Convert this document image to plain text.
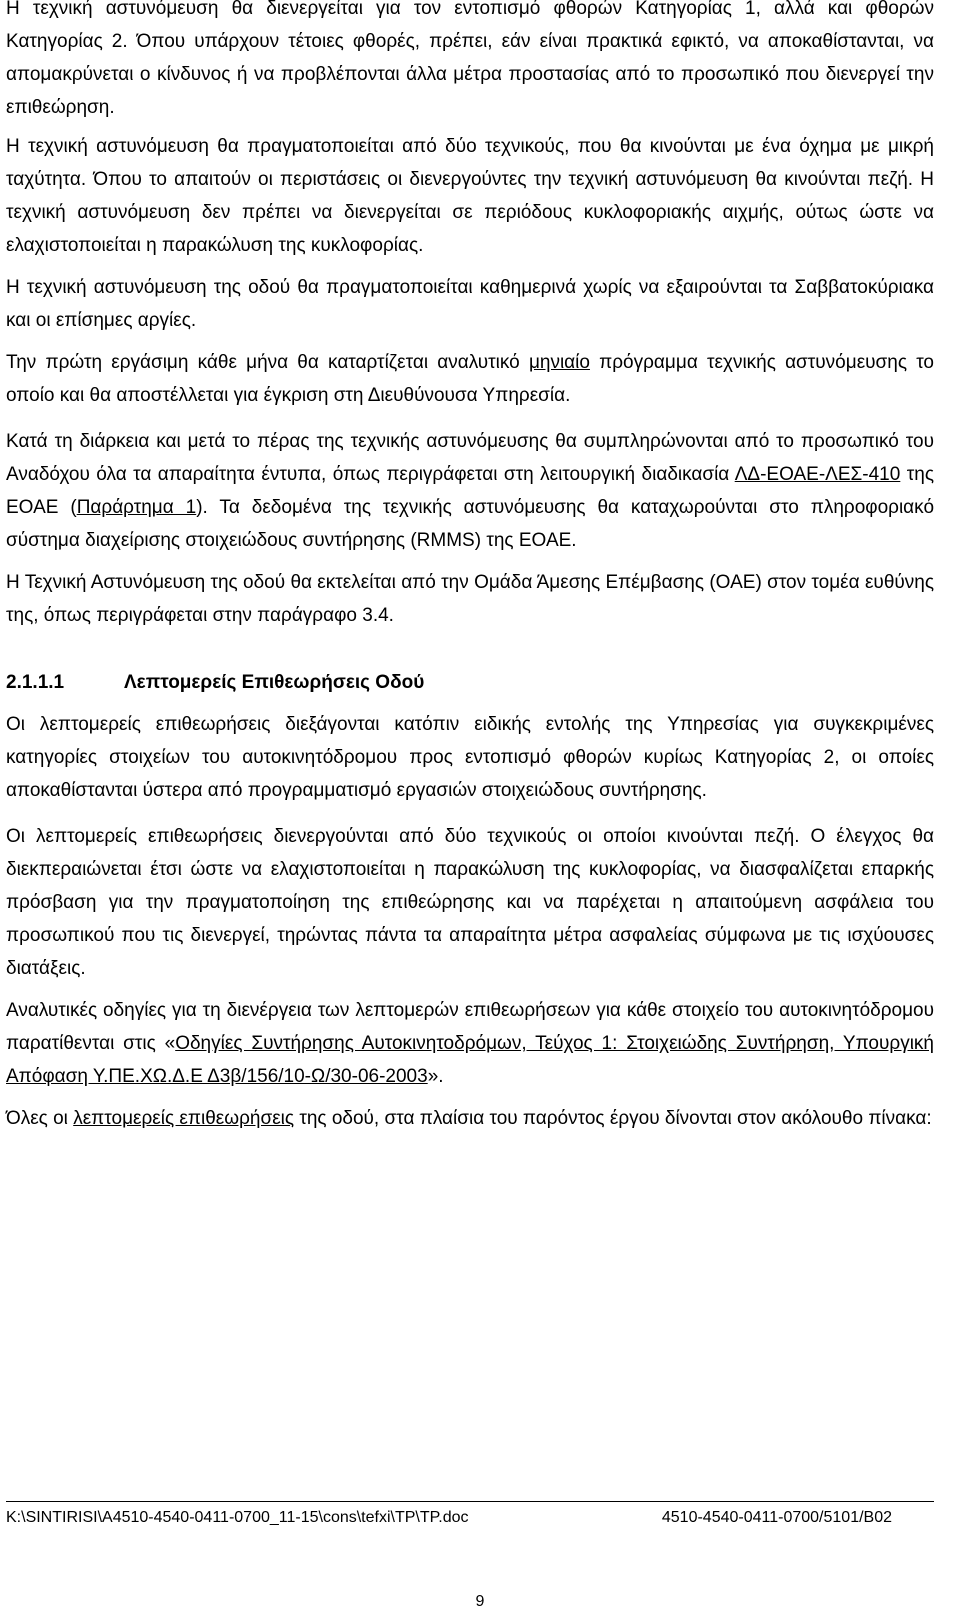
Η τεχνική αστυνόμευση θα διενεργείται για τον εντοπισμό φθορών Κατηγορίας 1, αλλά και φθορών Κατηγορίας 2. Όπου υπάρχουν τέτοιες φθορές, πρέπει, εάν είναι πρακτικά εφικτό, να αποκαθίστανται, να απομακρύνεται ο κίνδυνος ή να προβλέπονται άλλα μέτρα προστασίας από το προσωπικό που διενεργεί την επιθεώρηση.

Η τεχνική αστυνόμευση θα πραγματοποιείται από δύο τεχνικούς, που θα κινούνται με ένα όχημα με μικρή ταχύτητα. Όπου το απαιτούν οι περιστάσεις οι διενεργούντες την τεχνική αστυνόμευση θα κινούνται πεζή. Η τεχνική αστυνόμευση δεν πρέπει να διενεργείται σε περιόδους κυκλοφοριακής αιχμής, ούτως ώστε να ελαχιστοποιείται η παρακώλυση της κυκλοφορίας.

Η τεχνική αστυνόμευση της οδού θα πραγματοποιείται καθημερινά χωρίς να εξαιρούνται τα Σαββατοκύριακα και οι επίσημες αργίες.

Την πρώτη εργάσιμη κάθε μήνα θα καταρτίζεται αναλυτικό μηνιαίο πρόγραμμα τεχνικής αστυνόμευσης το οποίο και θα αποστέλλεται για έγκριση στη Διευθύνουσα Υπηρεσία.

Κατά τη διάρκεια και μετά το πέρας της τεχνικής αστυνόμευσης θα συμπληρώνονται από το προσωπικό του Αναδόχου όλα τα απαραίτητα έντυπα, όπως περιγράφεται στη λειτουργική διαδικασία ΛΔ-ΕΟΑΕ-ΛΕΣ-410 της ΕΟΑΕ (Παράρτημα 1). Τα δεδομένα της τεχνικής αστυνόμευσης θα καταχωρούνται στο πληροφοριακό σύστημα διαχείρισης στοιχειώδους συντήρησης (RMMS) της ΕΟΑΕ.

Η Τεχνική Αστυνόμευση της οδού θα εκτελείται από την Ομάδα Άμεσης Επέμβασης (ΟΑΕ) στον τομέα ευθύνης της, όπως περιγράφεται στην παράγραφο 3.4.

2.1.1.1	Λεπτομερείς Επιθεωρήσεις Οδού

Οι λεπτομερείς επιθεωρήσεις διεξάγονται κατόπιν ειδικής εντολής της Υπηρεσίας για συγκεκριμένες κατηγορίες στοιχείων του αυτοκινητόδρομου προς εντοπισμό φθορών κυρίως Κατηγορίας 2, οι οποίες αποκαθίστανται ύστερα από προγραμματισμό εργασιών στοιχειώδους συντήρησης.

Οι λεπτομερείς επιθεωρήσεις διενεργούνται από δύο τεχνικούς οι οποίοι κινούνται πεζή. Ο έλεγχος θα διεκπεραιώνεται έτσι ώστε να ελαχιστοποιείται η παρακώλυση της κυκλοφορίας, να διασφαλίζεται επαρκής πρόσβαση για την πραγματοποίηση της επιθεώρησης και να παρέχεται η απαιτούμενη ασφάλεια του προσωπικού που τις διενεργεί, τηρώντας πάντα τα απαραίτητα μέτρα ασφαλείας σύμφωνα με τις ισχύουσες διατάξεις.

Αναλυτικές οδηγίες για τη διενέργεια των λεπτομερών επιθεωρήσεων για κάθε στοιχείο του αυτοκινητόδρομου παρατίθενται στις «Οδηγίες Συντήρησης Αυτοκινητοδρόμων, Τεύχος 1: Στοιχειώδης Συντήρηση, Υπουργική Απόφαση Υ.ΠΕ.ΧΩ.Δ.Ε Δ3β/156/10-Ω/30-06-2003».

Όλες οι λεπτομερείς επιθεωρήσεις της οδού, στα πλαίσια του παρόντος έργου δίνονται στον ακόλουθο πίνακα:

K:\SINTIRISI\A4510-4540-0411-0700_11-15\cons\tefxi\TP\TP.doc	4510-4540-0411-0700/5101/B02
9
